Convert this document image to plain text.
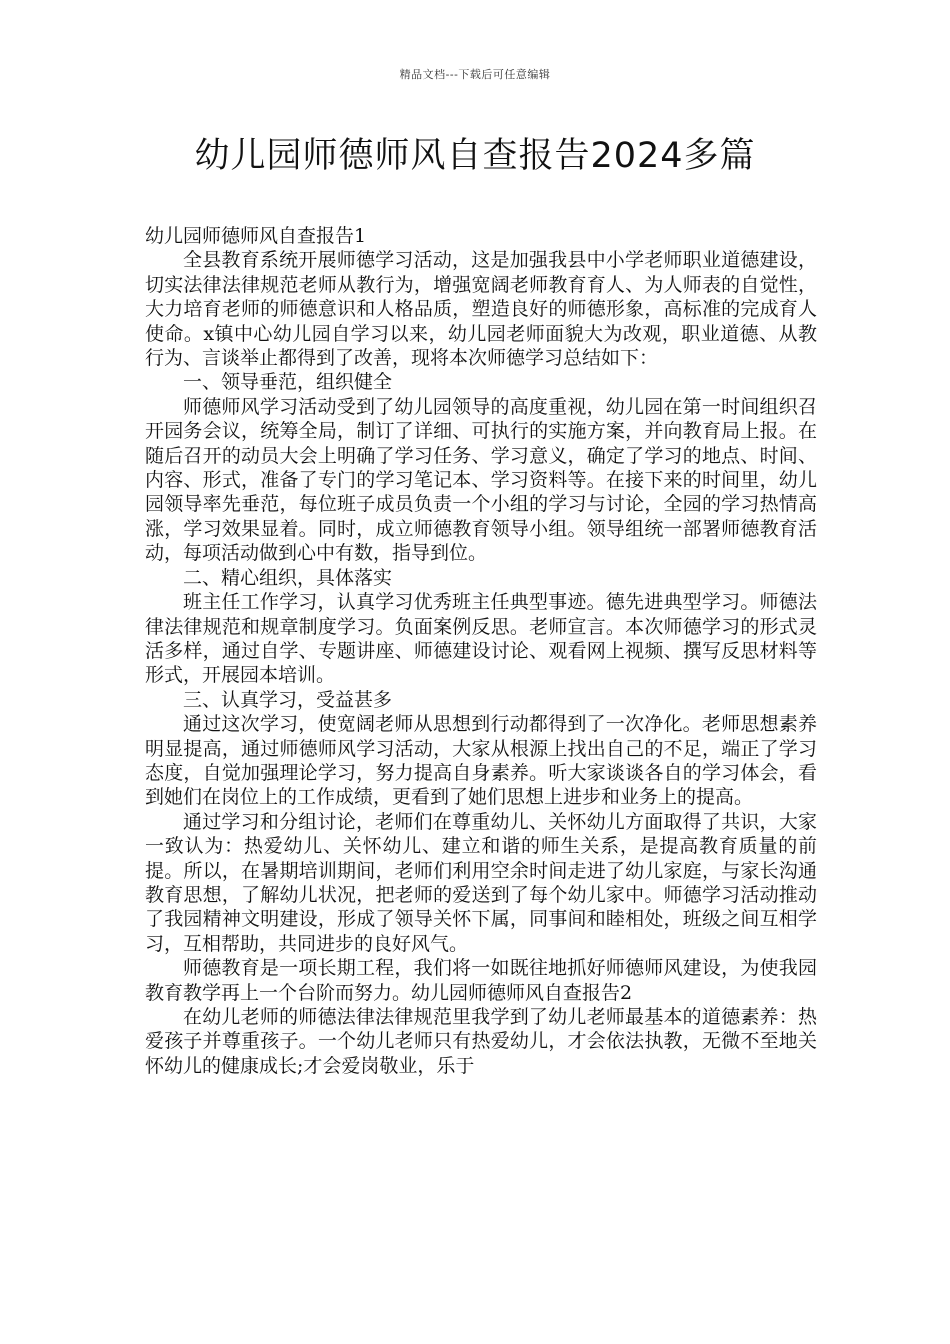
精品文档---下载后可任意编辑
幼儿园师德师风自查报告2024多篇

幼儿园师德师风自查报告1

全县教育系统开展师德学习活动，这是加强我县中小学老师职业道德建设，切实法律法律规范老师从教行为，增强宽阔老师教育育人、为人师表的自觉性，大力培育老师的师德意识和人格品质，塑造良好的师德形象，高标准的完成育人使命。x镇中心幼儿园自学习以来，幼儿园老师面貌大为改观，职业道德、从教行为、言谈举止都得到了改善，现将本次师德学习总结如下：

一、领导垂范，组织健全

师德师风学习活动受到了幼儿园领导的高度重视，幼儿园在第一时间组织召开园务会议，统筹全局，制订了详细、可执行的实施方案，并向教育局上报。在随后召开的动员大会上明确了学习任务、学习意义，确定了学习的地点、时间、内容、形式，准备了专门的学习笔记本、学习资料等。在接下来的时间里，幼儿园领导率先垂范，每位班子成员负责一个小组的学习与讨论，全园的学习热情高涨，学习效果显着。同时，成立师德教育领导小组。领导组统一部署师德教育活动，每项活动做到心中有数，指导到位。

二、精心组织，具体落实

班主任工作学习，认真学习优秀班主任典型事迹。德先进典型学习。师德法律法律规范和规章制度学习。负面案例反思。老师宣言。本次师德学习的形式灵活多样，通过自学、专题讲座、师德建设讨论、观看网上视频、撰写反思材料等形式，开展园本培训。

三、认真学习，受益甚多

通过这次学习，使宽阔老师从思想到行动都得到了一次净化。老师思想素养明显提高，通过师德师风学习活动，大家从根源上找出自己的不足，端正了学习态度，自觉加强理论学习，努力提高自身素养。听大家谈谈各自的学习体会，看到她们在岗位上的工作成绩，更看到了她们思想上进步和业务上的提高。

通过学习和分组讨论，老师们在尊重幼儿、关怀幼儿方面取得了共识，大家一致认为：热爱幼儿、关怀幼儿、建立和谐的师生关系，是提高教育质量的前提。所以，在暑期培训期间，老师们利用空余时间走进了幼儿家庭，与家长沟通教育思想，了解幼儿状况，把老师的爱送到了每个幼儿家中。师德学习活动推动了我园精神文明建设，形成了领导关怀下属，同事间和睦相处，班级之间互相学习，互相帮助，共同进步的良好风气。

师德教育是一项长期工程，我们将一如既往地抓好师德师风建设，为使我园教育教学再上一个台阶而努力。幼儿园师德师风自查报告2

在幼儿老师的师德法律法律规范里我学到了幼儿老师最基本的道德素养：热爱孩子并尊重孩子。一个幼儿老师只有热爱幼儿，才会依法执教，无微不至地关怀幼儿的健康成长;才会爱岗敬业，乐于
